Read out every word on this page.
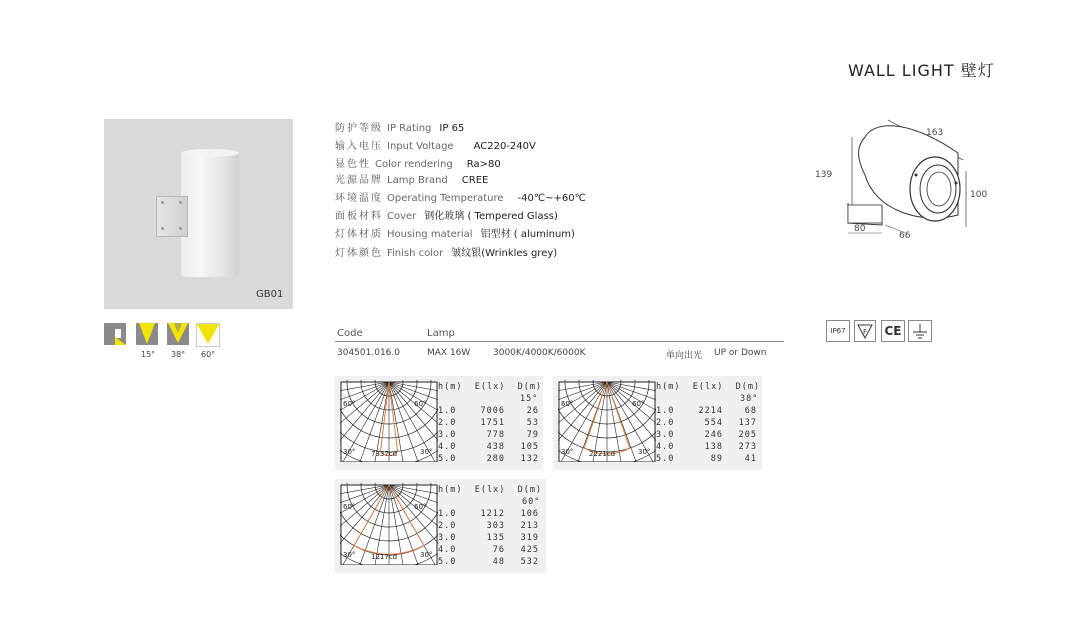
WALL LIGHT 壁灯
GB01
15° 38° 60°
防护等级 IP Rating IP 65
输入电压 Input Voltage AC220-240V
显色性 Color rendering Ra>80
光源品牌 Lamp Brand CREE
环境温度 Operating Temperature -40℃~+60℃
面板材料 Cover 钢化玻璃 ( Tempered Glass)
灯体材质 Housing material 铝型材 ( aluminum)
灯体颜色 Finish color 皱纹银(Wrinkles grey)
163
139
100
80
66
IP67	F CE
Code	Lamp
304501.016.0	MAX 16W	3000K/4000K/6000K	单向出光 UP or Down
60°	60°
30°	30°
7337cd
h(m) E(lx) D(m)
15°
1.0	7006	26
2.0	1751	53
3.0	778	79
4.0	438	105
5.0	280	132
60°	60°
30°	30°
2221cd
h(m) E(lx) D(m)
38°
1.0	2214	68
2.0	554	137
3.0	246	205
4.0	138	273
5.0	89	41
60°	60°
30°	30°
1217cd
h(m) E(lx) D(m)
60°
1.0	1212	106
2.0	303	213
3.0	135	319
4.0	76	425
5.0	48	532
